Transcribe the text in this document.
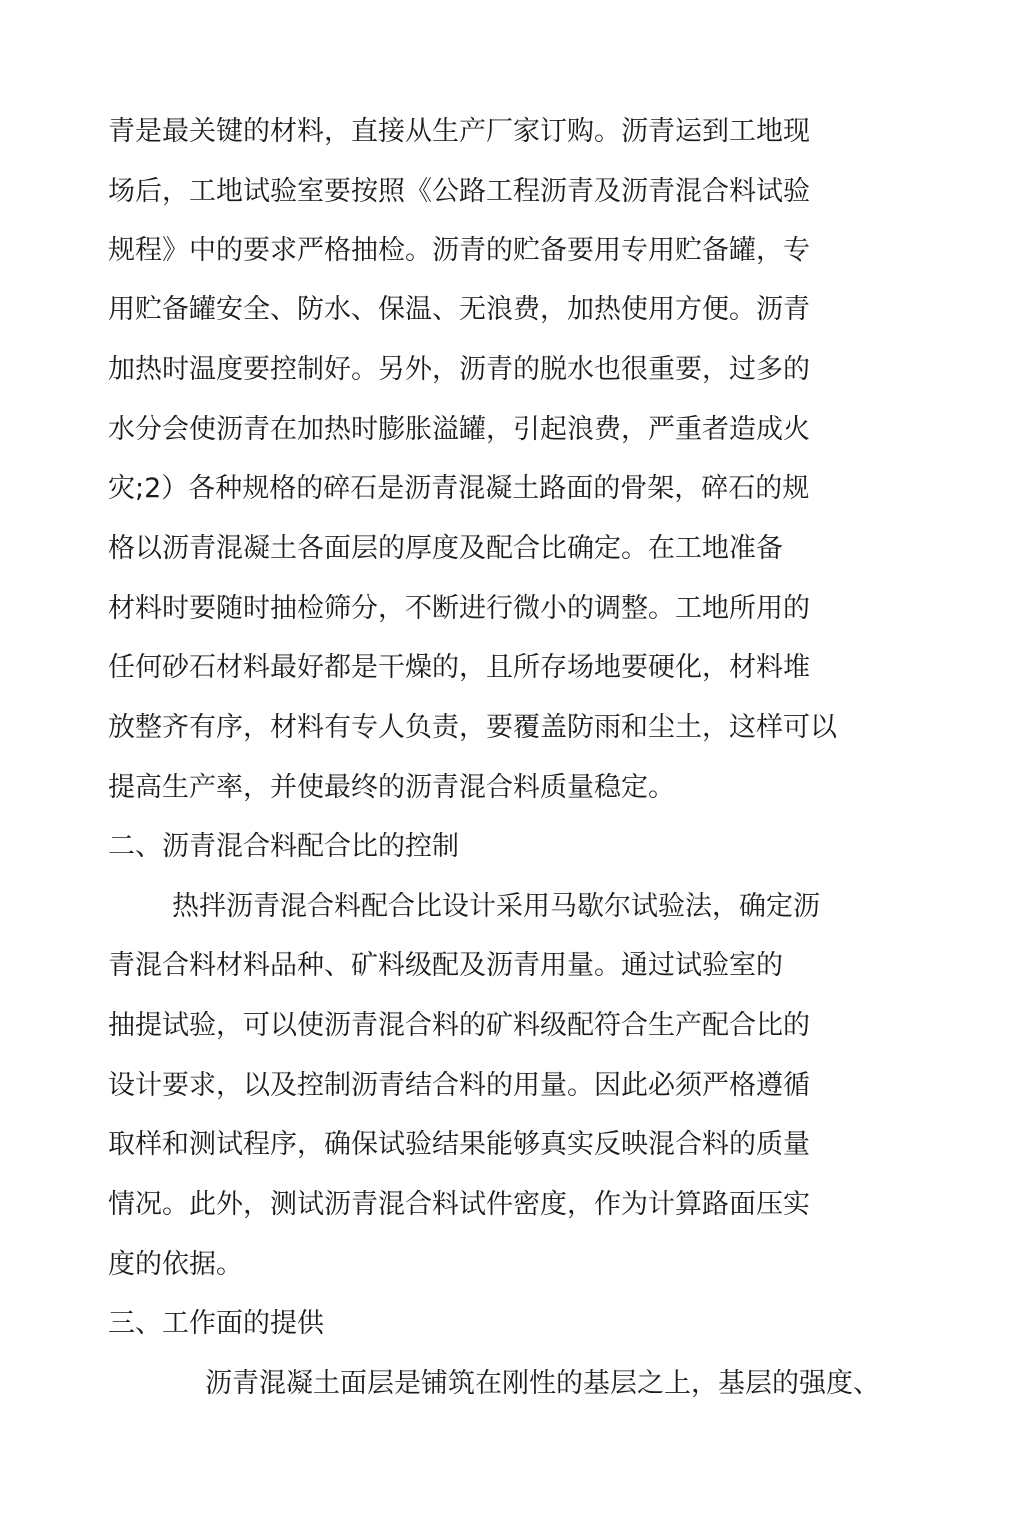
青是最关键的材料，直接从生产厂家订购。沥青运到工地现
场后，工地试验室要按照《公路工程沥青及沥青混合料试验
规程》中的要求严格抽检。沥青的贮备要用专用贮备罐，专
用贮备罐安全、防水、保温、无浪费，加热使用方便。沥青
加热时温度要控制好。另外，沥青的脱水也很重要，过多的
水分会使沥青在加热时膨胀溢罐，引起浪费，严重者造成火
灾;2）各种规格的碎石是沥青混凝土路面的骨架，碎石的规
格以沥青混凝土各面层的厚度及配合比确定。在工地准备
材料时要随时抽检筛分，不断进行微小的调整。工地所用的
任何砂石材料最好都是干燥的，且所存场地要硬化，材料堆
放整齐有序，材料有专人负责，要覆盖防雨和尘土，这样可以
提高生产率，并使最终的沥青混合料质量稳定。
二、沥青混合料配合比的控制
热拌沥青混合料配合比设计采用马歇尔试验法，确定沥
青混合料材料品种、矿料级配及沥青用量。通过试验室的
抽提试验，可以使沥青混合料的矿料级配符合生产配合比的
设计要求，以及控制沥青结合料的用量。因此必须严格遵循
取样和测试程序，确保试验结果能够真实反映混合料的质量
情况。此外，测试沥青混合料试件密度，作为计算路面压实
度的依据。
三、工作面的提供
沥青混凝土面层是铺筑在刚性的基层之上，基层的强度、
